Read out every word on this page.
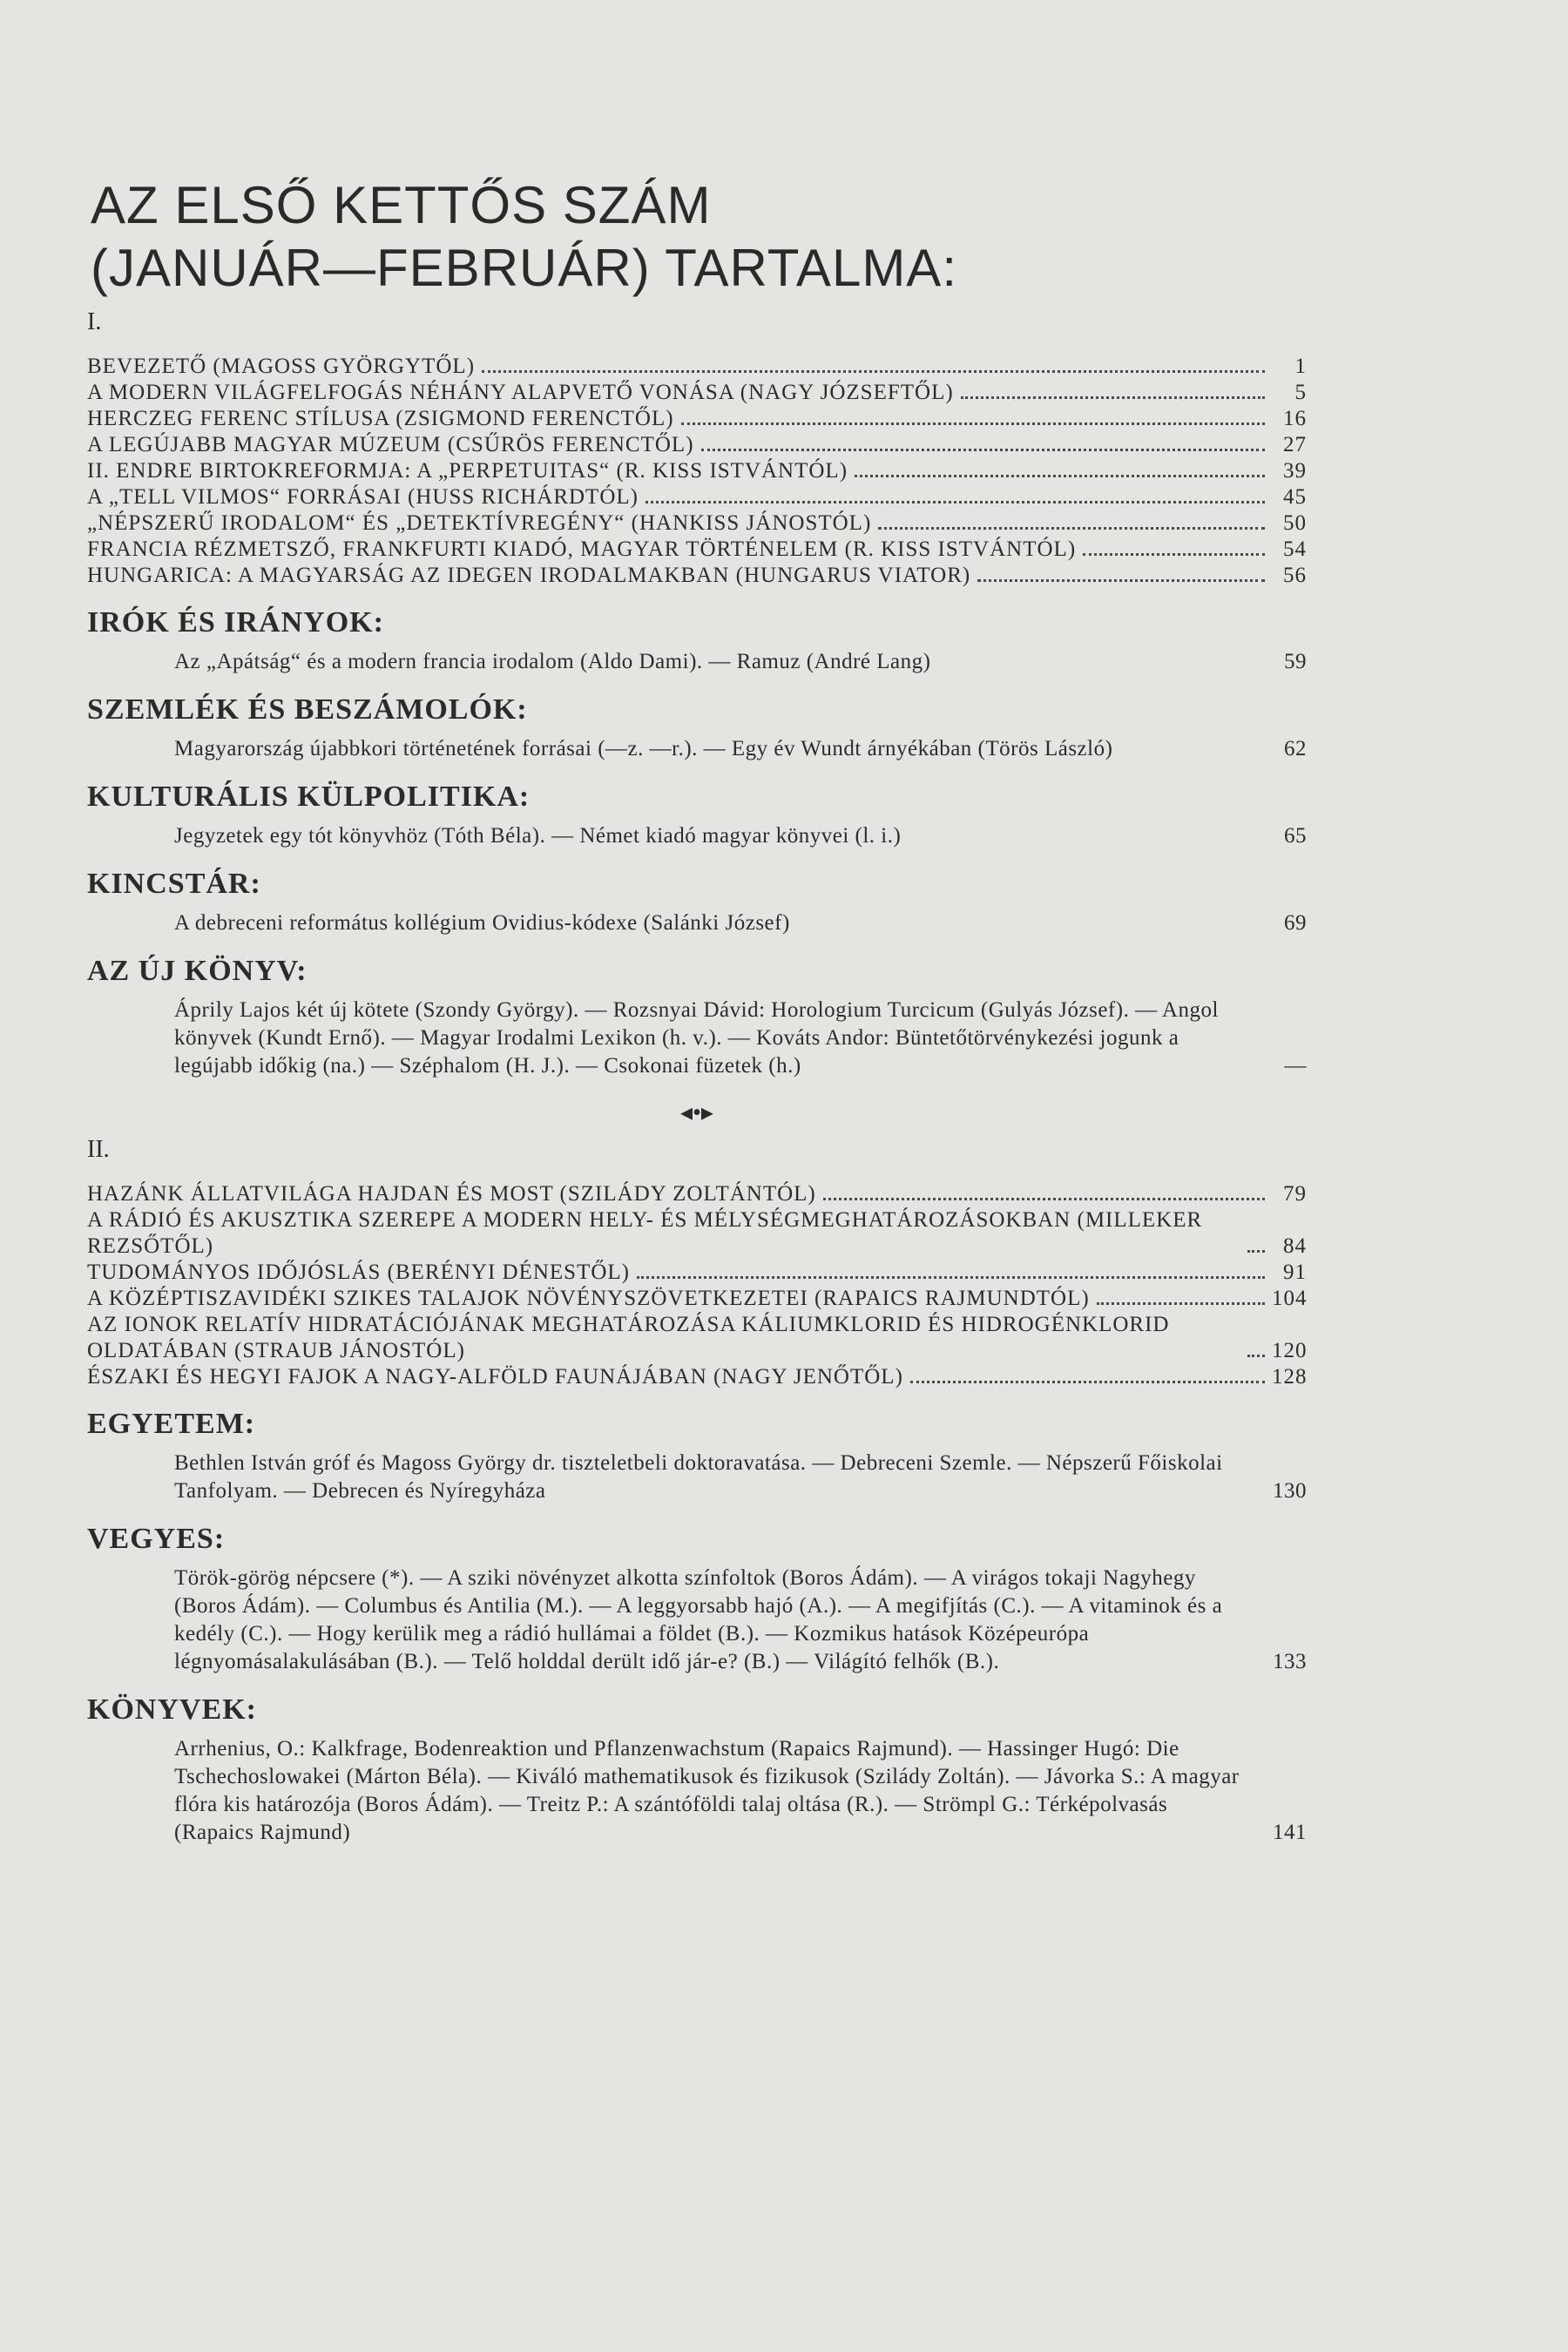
AZ ELSŐ KETTŐS SZÁM
(JANUÁR—FEBRUÁR) TARTALMA:
I.
BEVEZETŐ (MAGOSS GYÖRGYTŐL)	1
A MODERN VILÁGFELFOGÁS NÉHÁNY ALAPVETŐ VONÁSA (NAGY JÓZSEFTŐL)	5
HERCZEG FERENC STÍLUSA (ZSIGMOND FERENCTŐL)	16
A LEGÚJABB MAGYAR MÚZEUM (CSŰRÖS FERENCTŐL)	27
II. ENDRE BIRTOKREFORMJA: A „PERPETUITAS“ (R. KISS ISTVÁNTÓL)	39
A „TELL VILMOS“ FORRÁSAI (HUSS RICHÁRDTÓL)	45
„NÉPSZERŰ IRODALOM“ ÉS „DETEKTÍVREGÉNY“ (HANKISS JÁNOSTÓL)	50
FRANCIA RÉZMETSZŐ, FRANKFURTI KIADÓ, MAGYAR TÖRTÉNELEM (R. KISS ISTVÁNTÓL)	54
HUNGARICA: A MAGYARSÁG AZ IDEGEN IRODALMAKBAN (HUNGARUS VIATOR)	56
IRÓK ÉS IRÁNYOK:
Az „Apátság“ és a modern francia irodalom (Aldo Dami). — Ramuz (André Lang)	59
SZEMLÉK ÉS BESZÁMOLÓK:
Magyarország újabbkori történetének forrásai (—z. —r.). — Egy év Wundt árnyékában (Törös László)	62
KULTURÁLIS KÜLPOLITIKA:
Jegyzetek egy tót könyvhöz (Tóth Béla). — Német kiadó magyar könyvei (l. i.)	65
KINCSTÁR:
A debreceni református kollégium Ovidius-kódexe (Salánki József)	69
AZ ÚJ KÖNYV:
Áprily Lajos két új kötete (Szondy György). — Rozsnyai Dávid: Horologium Turcicum (Gulyás József). — Angol könyvek (Kundt Ernő). — Magyar Irodalmi Lexikon (h. v.). — Kováts Andor: Büntetőtörvénykezési jogunk a legújabb időkig (na.) — Széphalom (H. J.). — Csokonai füzetek (h.)	—
◂•▸
II.
HAZÁNK ÁLLATVILÁGA HAJDAN ÉS MOST (SZILÁDY ZOLTÁNTÓL)	79
A RÁDIÓ ÉS AKUSZTIKA SZEREPE A MODERN HELY- ÉS MÉLYSÉGMEGHATÁROZÁSOKBAN (MILLEKER REZSŐTŐL)	84
TUDOMÁNYOS IDŐJÓSLÁS (BERÉNYI DÉNESTŐL)	91
A KÖZÉPTISZAVIDÉKI SZIKES TALAJOK NÖVÉNYSZÖVETKEZETEI (RAPAICS RAJMUNDTÓL)	104
AZ IONOK RELATÍV HIDRATÁCIÓJÁNAK MEGHATÁROZÁSA KÁLIUMKLORID ÉS HIDROGÉNKLORID OLDATÁBAN (STRAUB JÁNOSTÓL)	120
ÉSZAKI ÉS HEGYI FAJOK A NAGY-ALFÖLD FAUNÁJÁBAN (NAGY JENŐTŐL)	128
EGYETEM:
Bethlen István gróf és Magoss György dr. tiszteletbeli doktoravatása. — Debreceni Szemle. — Népszerű Főiskolai Tanfolyam. — Debrecen és Nyíregyháza	130
VEGYES:
Török-görög népcsere (*). — A sziki növényzet alkotta színfoltok (Boros Ádám). — A virágos tokaji Nagyhegy (Boros Ádám). — Columbus és Antilia (M.). — A leggyorsabb hajó (A.). — A megifjítás (C.). — A vitaminok és a kedély (C.). — Hogy kerülik meg a rádió hullámai a földet (B.). — Kozmikus hatások Középeurópa légnyomásalakulásában (B.). — Telő holddal derült idő jár-e? (B.) — Világító felhők (B.).	133
KÖNYVEK:
Arrhenius, O.: Kalkfrage, Bodenreaktion und Pflanzenwachstum (Rapaics Rajmund). — Hassinger Hugó: Die Tschechoslowakei (Márton Béla). — Kiváló mathematikusok és fizikusok (Szilády Zoltán). — Jávorka S.: A magyar flóra kis határozója (Boros Ádám). — Treitz P.: A szántóföldi talaj oltása (R.). — Strömpl G.: Térképolvasás (Rapaics Rajmund)	141
